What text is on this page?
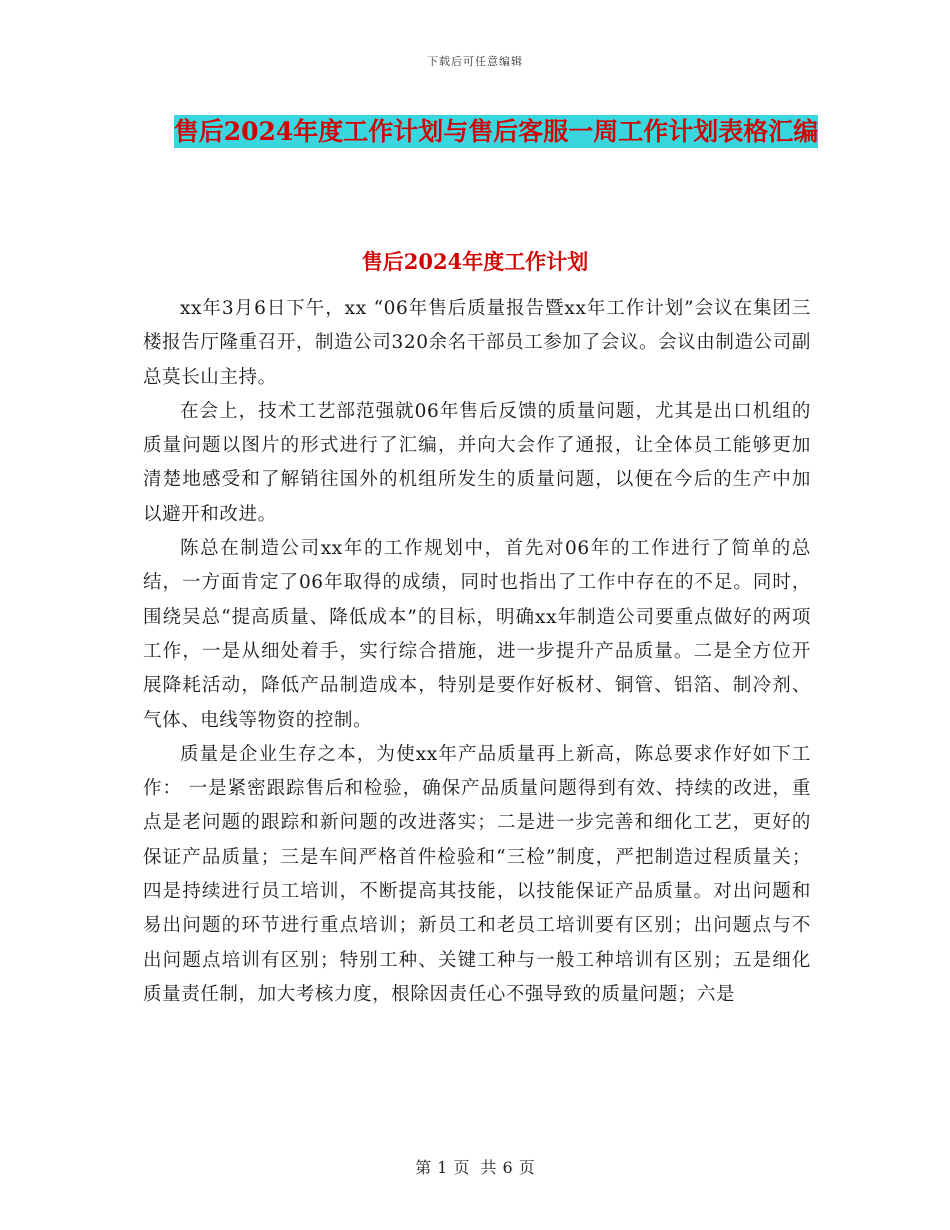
下载后可任意编辑
售后2024年度工作计划与售后客服一周工作计划表格汇编
售后2024年度工作计划

xx年3月6日下午，xx “06年售后质量报告暨xx年工作计划”会议在集团三楼报告厅隆重召开，制造公司320余名干部员工参加了会议。会议由制造公司副总莫长山主持。

在会上，技术工艺部范强就06年售后反馈的质量问题，尤其是出口机组的质量问题以图片的形式进行了汇编，并向大会作了通报，让全体员工能够更加清楚地感受和了解销往国外的机组所发生的质量问题，以便在今后的生产中加以避开和改进。

陈总在制造公司xx年的工作规划中，首先对06年的工作进行了简单的总结，一方面肯定了06年取得的成绩，同时也指出了工作中存在的不足。同时，围绕吴总“提高质量、降低成本”的目标，明确xx年制造公司要重点做好的两项工作，一是从细处着手，实行综合措施，进一步提升产品质量。二是全方位开展降耗活动，降低产品制造成本，特别是要作好板材、铜管、铝箔、制冷剂、气体、电线等物资的控制。

质量是企业生存之本，为使xx年产品质量再上新高，陈总要求作好如下工作： 一是紧密跟踪售后和检验，确保产品质量问题得到有效、持续的改进，重点是老问题的跟踪和新问题的改进落实；二是进一步完善和细化工艺，更好的保证产品质量；三是车间严格首件检验和“三检”制度，严把制造过程质量关；四是持续进行员工培训，不断提高其技能，以技能保证产品质量。对出问题和易出问题的环节进行重点培训；新员工和老员工培训要有区别；出问题点与不出问题点培训有区别；特别工种、关键工种与一般工种培训有区别；五是细化质量责任制，加大考核力度，根除因责任心不强导致的质量问题；六是

第 1 页 共 6 页
